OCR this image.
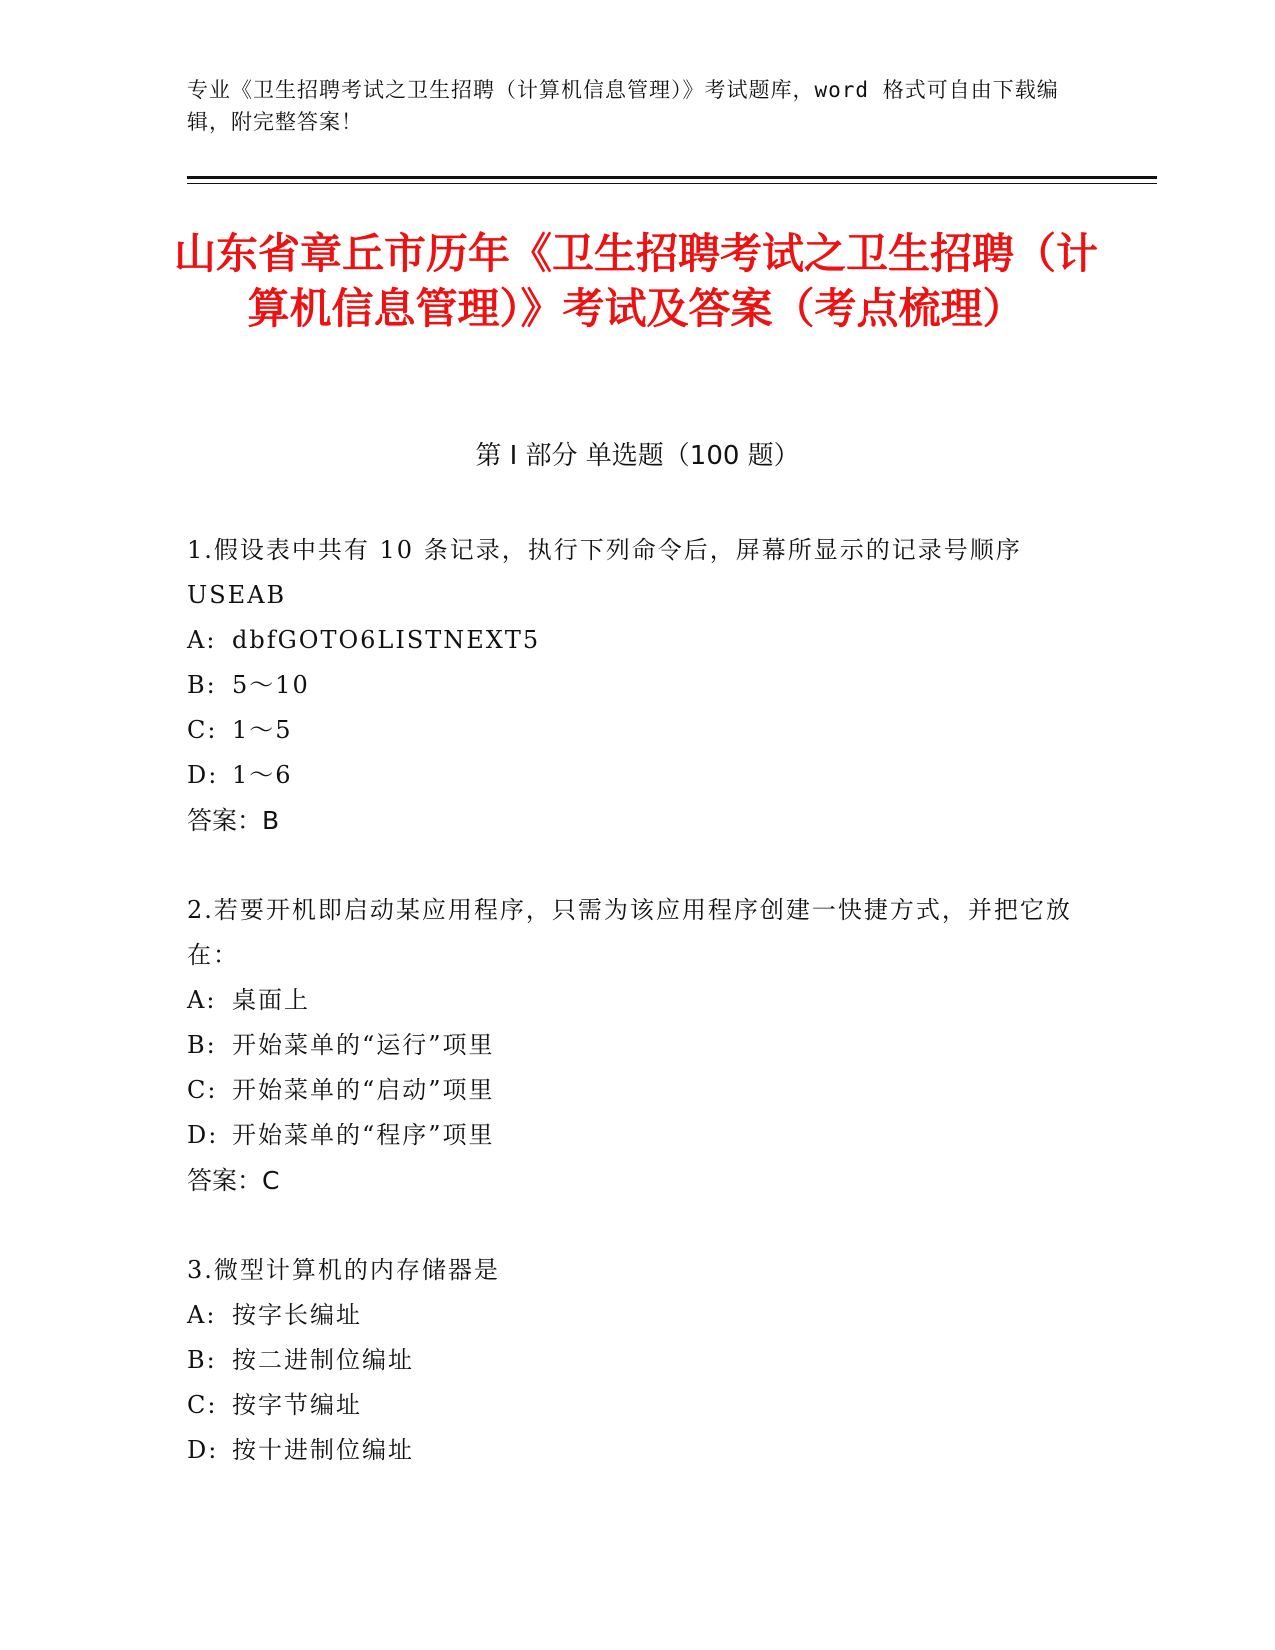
专业《卫生招聘考试之卫生招聘（计算机信息管理）》考试题库，word 格式可自由下载编辑，附完整答案！
山东省章丘市历年《卫生招聘考试之卫生招聘（计算机信息管理）》考试及答案（考点梳理）
第 I 部分 单选题（100 题）
1.假设表中共有 10 条记录，执行下列命令后，屏幕所显示的记录号顺序 USEAB
A: dbfGOTO6LISTNEXT5
B: 5～10
C: 1～5
D: 1～6
答案：B
2.若要开机即启动某应用程序，只需为该应用程序创建一快捷方式，并把它放在：
A: 桌面上
B: 开始菜单的“运行”项里
C: 开始菜单的“启动”项里
D: 开始菜单的“程序”项里
答案：C
3.微型计算机的内存储器是
A: 按字长编址
B: 按二进制位编址
C: 按字节编址
D: 按十进制位编址
